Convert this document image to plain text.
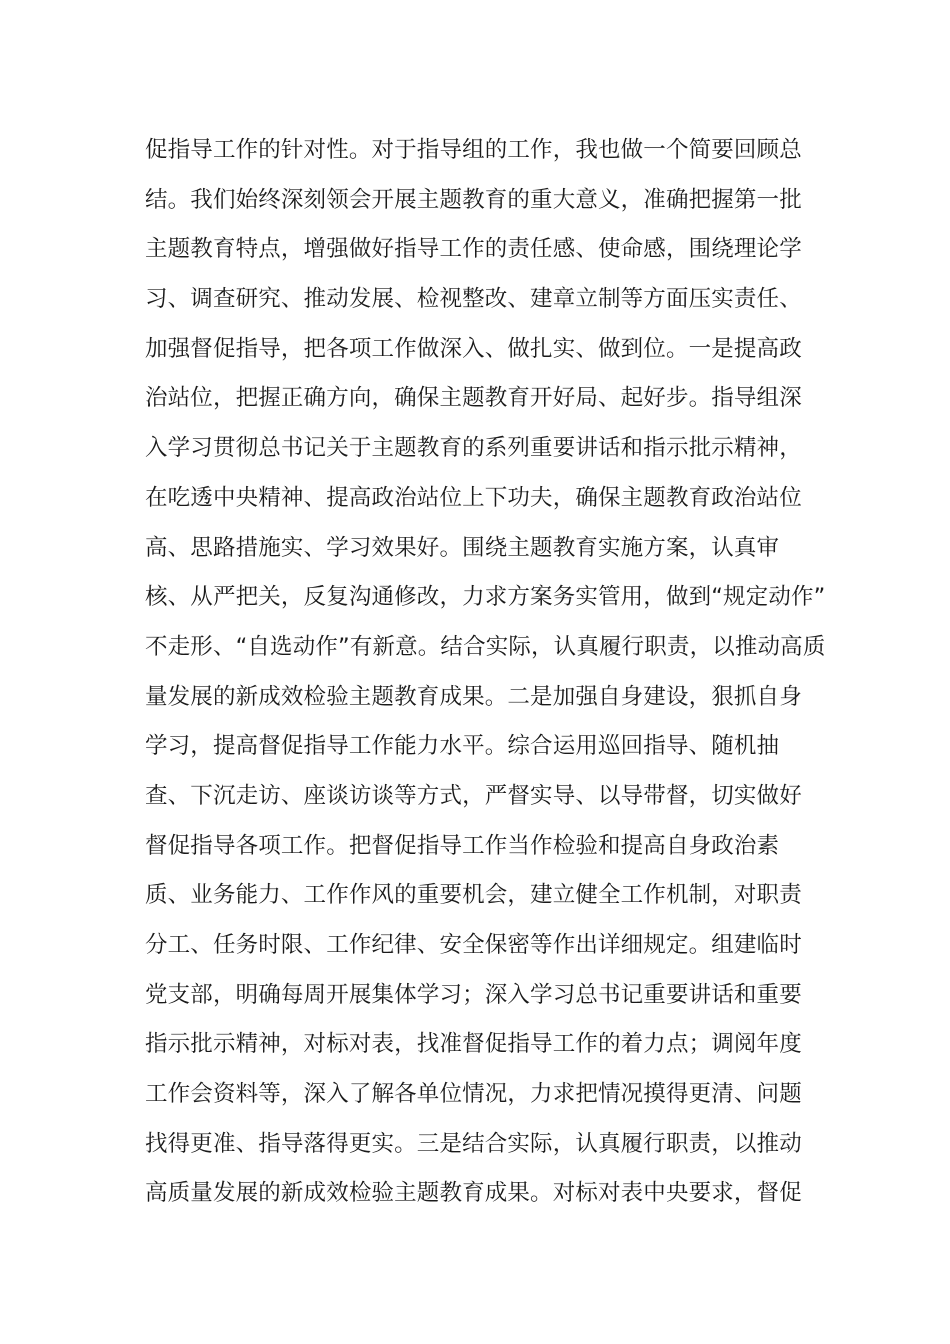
促指导工作的针对性。对于指导组的工作，我也做一个简要回顾总
结。我们始终深刻领会开展主题教育的重大意义，准确把握第一批
主题教育特点，增强做好指导工作的责任感、使命感，围绕理论学
习、调查研究、推动发展、检视整改、建章立制等方面压实责任、
加强督促指导，把各项工作做深入、做扎实、做到位。一是提高政
治站位，把握正确方向，确保主题教育开好局、起好步。指导组深
入学习贯彻总书记关于主题教育的系列重要讲话和指示批示精神，
在吃透中央精神、提高政治站位上下功夫，确保主题教育政治站位
高、思路措施实、学习效果好。围绕主题教育实施方案，认真审
核、从严把关，反复沟通修改，力求方案务实管用，做到“规定动作”
不走形、“自选动作”有新意。结合实际，认真履行职责，以推动高质
量发展的新成效检验主题教育成果。二是加强自身建设，狠抓自身
学习，提高督促指导工作能力水平。综合运用巡回指导、随机抽
查、下沉走访、座谈访谈等方式，严督实导、以导带督，切实做好
督促指导各项工作。把督促指导工作当作检验和提高自身政治素
质、业务能力、工作作风的重要机会，建立健全工作机制，对职责
分工、任务时限、工作纪律、安全保密等作出详细规定。组建临时
党支部，明确每周开展集体学习；深入学习总书记重要讲话和重要
指示批示精神，对标对表，找准督促指导工作的着力点；调阅年度
工作会资料等，深入了解各单位情况，力求把情况摸得更清、问题
找得更准、指导落得更实。三是结合实际，认真履行职责，以推动
高质量发展的新成效检验主题教育成果。对标对表中央要求，督促
